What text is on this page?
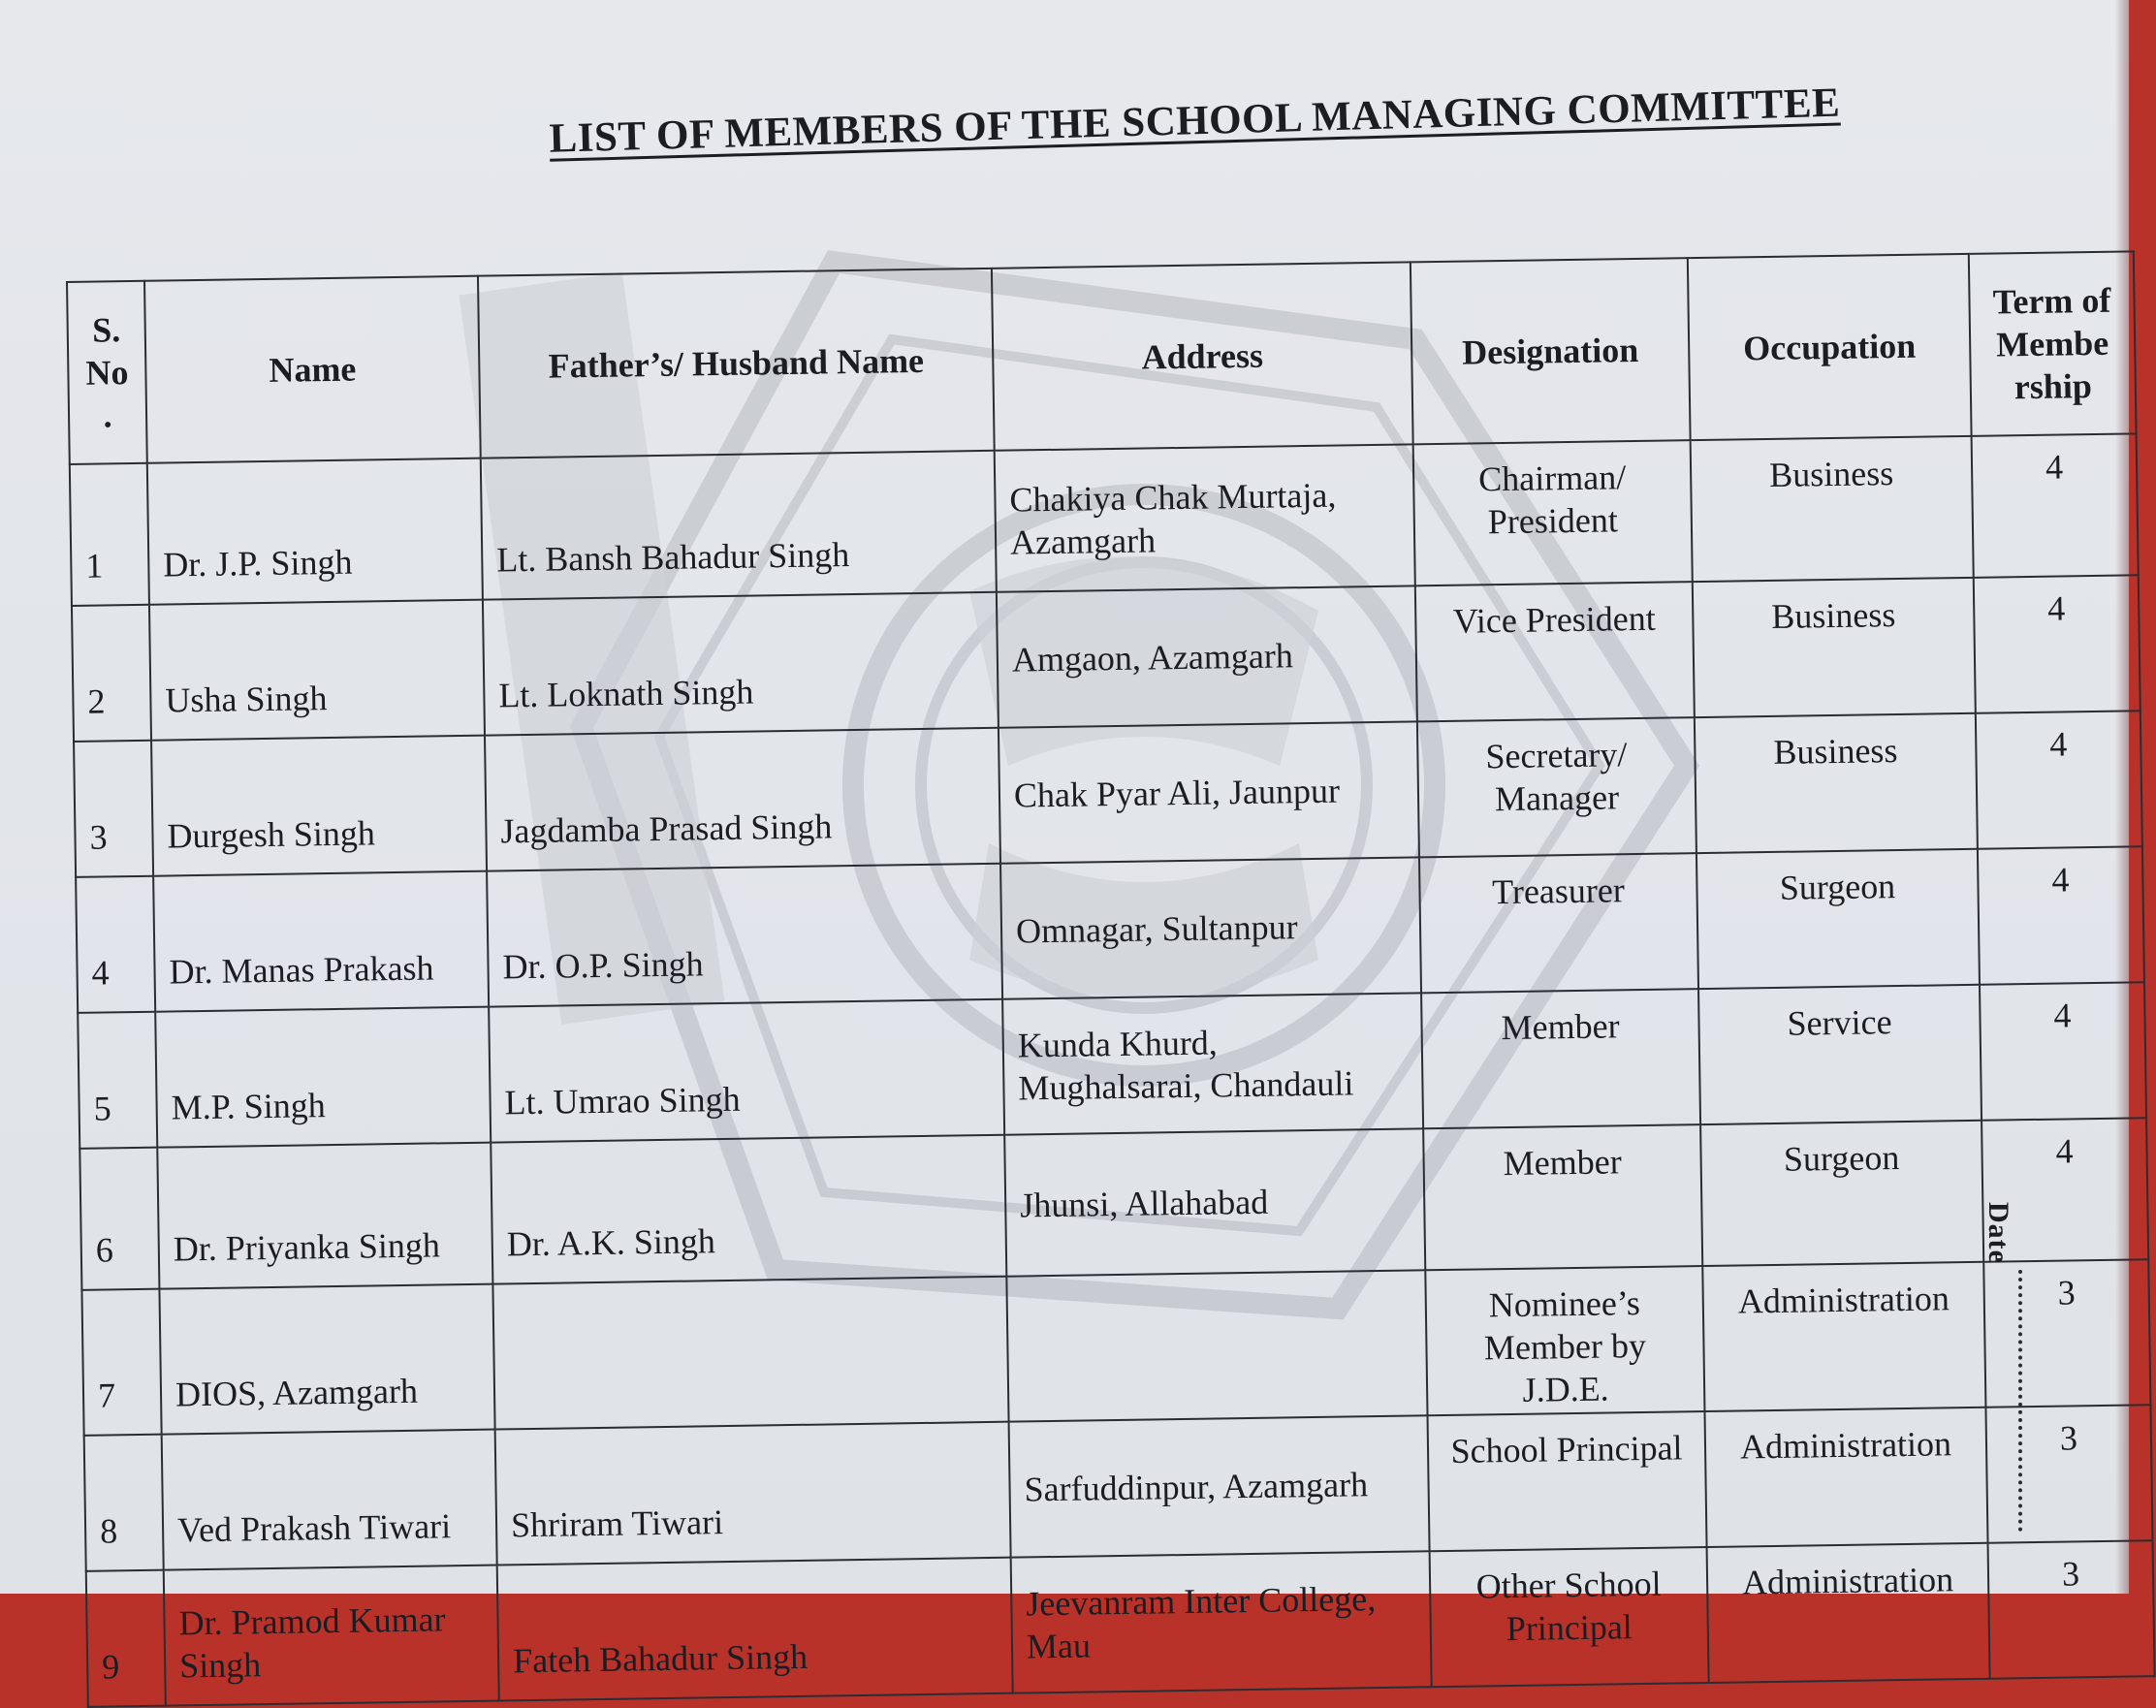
LIST OF MEMBERS OF THE SCHOOL MANAGING COMMITTEE
S. No .	Name	Father’s/ Husband Name	Address	Designation	Occupation	Term of Membe rship
1	Dr. J.P. Singh	Lt. Bansh Bahadur Singh	Chakiya Chak Murtaja, Azamgarh	Chairman/ President	Business	4
2	Usha Singh	Lt. Loknath Singh	Amgaon, Azamgarh	Vice President	Business	4
3	Durgesh Singh	Jagdamba Prasad Singh	Chak Pyar Ali, Jaunpur	Secretary/ Manager	Business	4
4	Dr. Manas Prakash	Dr. O.P. Singh	Omnagar, Sultanpur	Treasurer	Surgeon	4
5	M.P. Singh	Lt. Umrao Singh	Kunda Khurd, Mughalsarai, Chandauli	Member	Service	4
6	Dr. Priyanka Singh	Dr. A.K. Singh	Jhunsi, Allahabad	Member	Surgeon	4
7	DIOS, Azamgarh			Nominee’s Member by J.D.E.	Administration	3
8	Ved Prakash Tiwari	Shriram Tiwari	Sarfuddinpur, Azamgarh	School Principal	Administration	3
9	Dr. Pramod Kumar Singh	Fateh Bahadur Singh	Jeevanram Inter College, Mau	Other School Principal	Administration	3
Date
